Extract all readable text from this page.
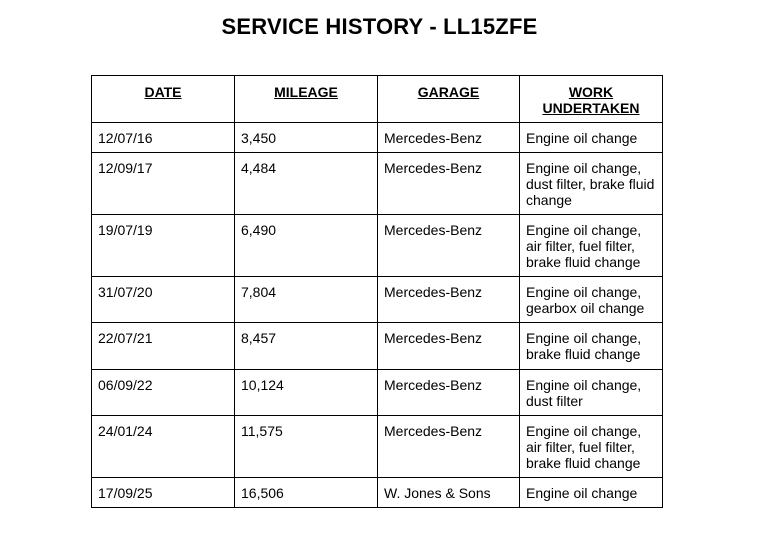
SERVICE HISTORY - LL15ZFE
DATE	MILEAGE	GARAGE	WORK UNDERTAKEN
12/07/16	3,450	Mercedes-Benz	Engine oil change
12/09/17	4,484	Mercedes-Benz	Engine oil change, dust filter, brake fluid change
19/07/19	6,490	Mercedes-Benz	Engine oil change, air filter, fuel filter, brake fluid change
31/07/20	7,804	Mercedes-Benz	Engine oil change, gearbox oil change
22/07/21	8,457	Mercedes-Benz	Engine oil change, brake fluid change
06/09/22	10,124	Mercedes-Benz	Engine oil change, dust filter
24/01/24	11,575	Mercedes-Benz	Engine oil change, air filter, fuel filter, brake fluid change
17/09/25	16,506	W. Jones & Sons	Engine oil change
